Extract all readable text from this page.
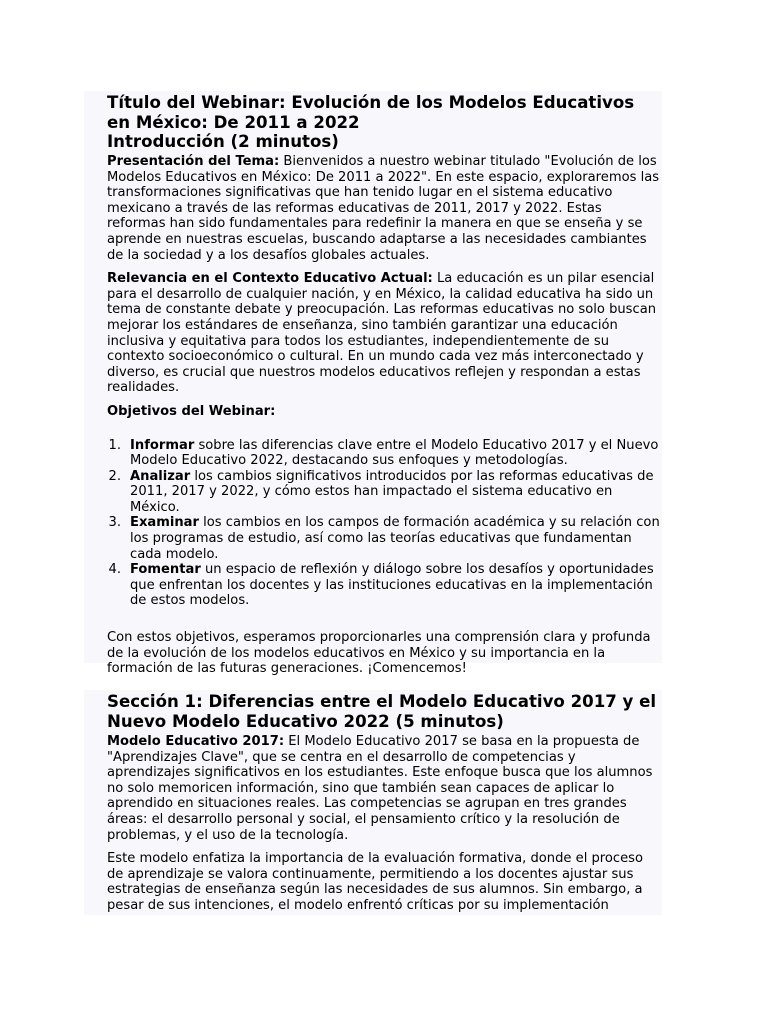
Título del Webinar: Evolución de los Modelos Educativos en México: De 2011 a 2022
Introducción (2 minutos)

Presentación del Tema: Bienvenidos a nuestro webinar titulado "Evolución de los Modelos Educativos en México: De 2011 a 2022". En este espacio, exploraremos las transformaciones significativas que han tenido lugar en el sistema educativo mexicano a través de las reformas educativas de 2011, 2017 y 2022. Estas reformas han sido fundamentales para redefinir la manera en que se enseña y se aprende en nuestras escuelas, buscando adaptarse a las necesidades cambiantes de la sociedad y a los desafíos globales actuales.

Relevancia en el Contexto Educativo Actual: La educación es un pilar esencial para el desarrollo de cualquier nación, y en México, la calidad educativa ha sido un tema de constante debate y preocupación. Las reformas educativas no solo buscan mejorar los estándares de enseñanza, sino también garantizar una educación inclusiva y equitativa para todos los estudiantes, independientemente de su contexto socioeconómico o cultural. En un mundo cada vez más interconectado y diverso, es crucial que nuestros modelos educativos reflejen y respondan a estas realidades.

Objetivos del Webinar:

1. Informar sobre las diferencias clave entre el Modelo Educativo 2017 y el Nuevo Modelo Educativo 2022, destacando sus enfoques y metodologías.
2. Analizar los cambios significativos introducidos por las reformas educativas de 2011, 2017 y 2022, y cómo estos han impactado el sistema educativo en México.
3. Examinar los cambios en los campos de formación académica y su relación con los programas de estudio, así como las teorías educativas que fundamentan cada modelo.
4. Fomentar un espacio de reflexión y diálogo sobre los desafíos y oportunidades que enfrentan los docentes y las instituciones educativas en la implementación de estos modelos.

Con estos objetivos, esperamos proporcionarles una comprensión clara y profunda de la evolución de los modelos educativos en México y su importancia en la formación de las futuras generaciones. ¡Comencemos!

Sección 1: Diferencias entre el Modelo Educativo 2017 y el Nuevo Modelo Educativo 2022 (5 minutos)

Modelo Educativo 2017: El Modelo Educativo 2017 se basa en la propuesta de "Aprendizajes Clave", que se centra en el desarrollo de competencias y aprendizajes significativos en los estudiantes. Este enfoque busca que los alumnos no solo memoricen información, sino que también sean capaces de aplicar lo aprendido en situaciones reales. Las competencias se agrupan en tres grandes áreas: el desarrollo personal y social, el pensamiento crítico y la resolución de problemas, y el uso de la tecnología.

Este modelo enfatiza la importancia de la evaluación formativa, donde el proceso de aprendizaje se valora continuamente, permitiendo a los docentes ajustar sus estrategias de enseñanza según las necesidades de sus alumnos. Sin embargo, a pesar de sus intenciones, el modelo enfrentó críticas por su implementación
